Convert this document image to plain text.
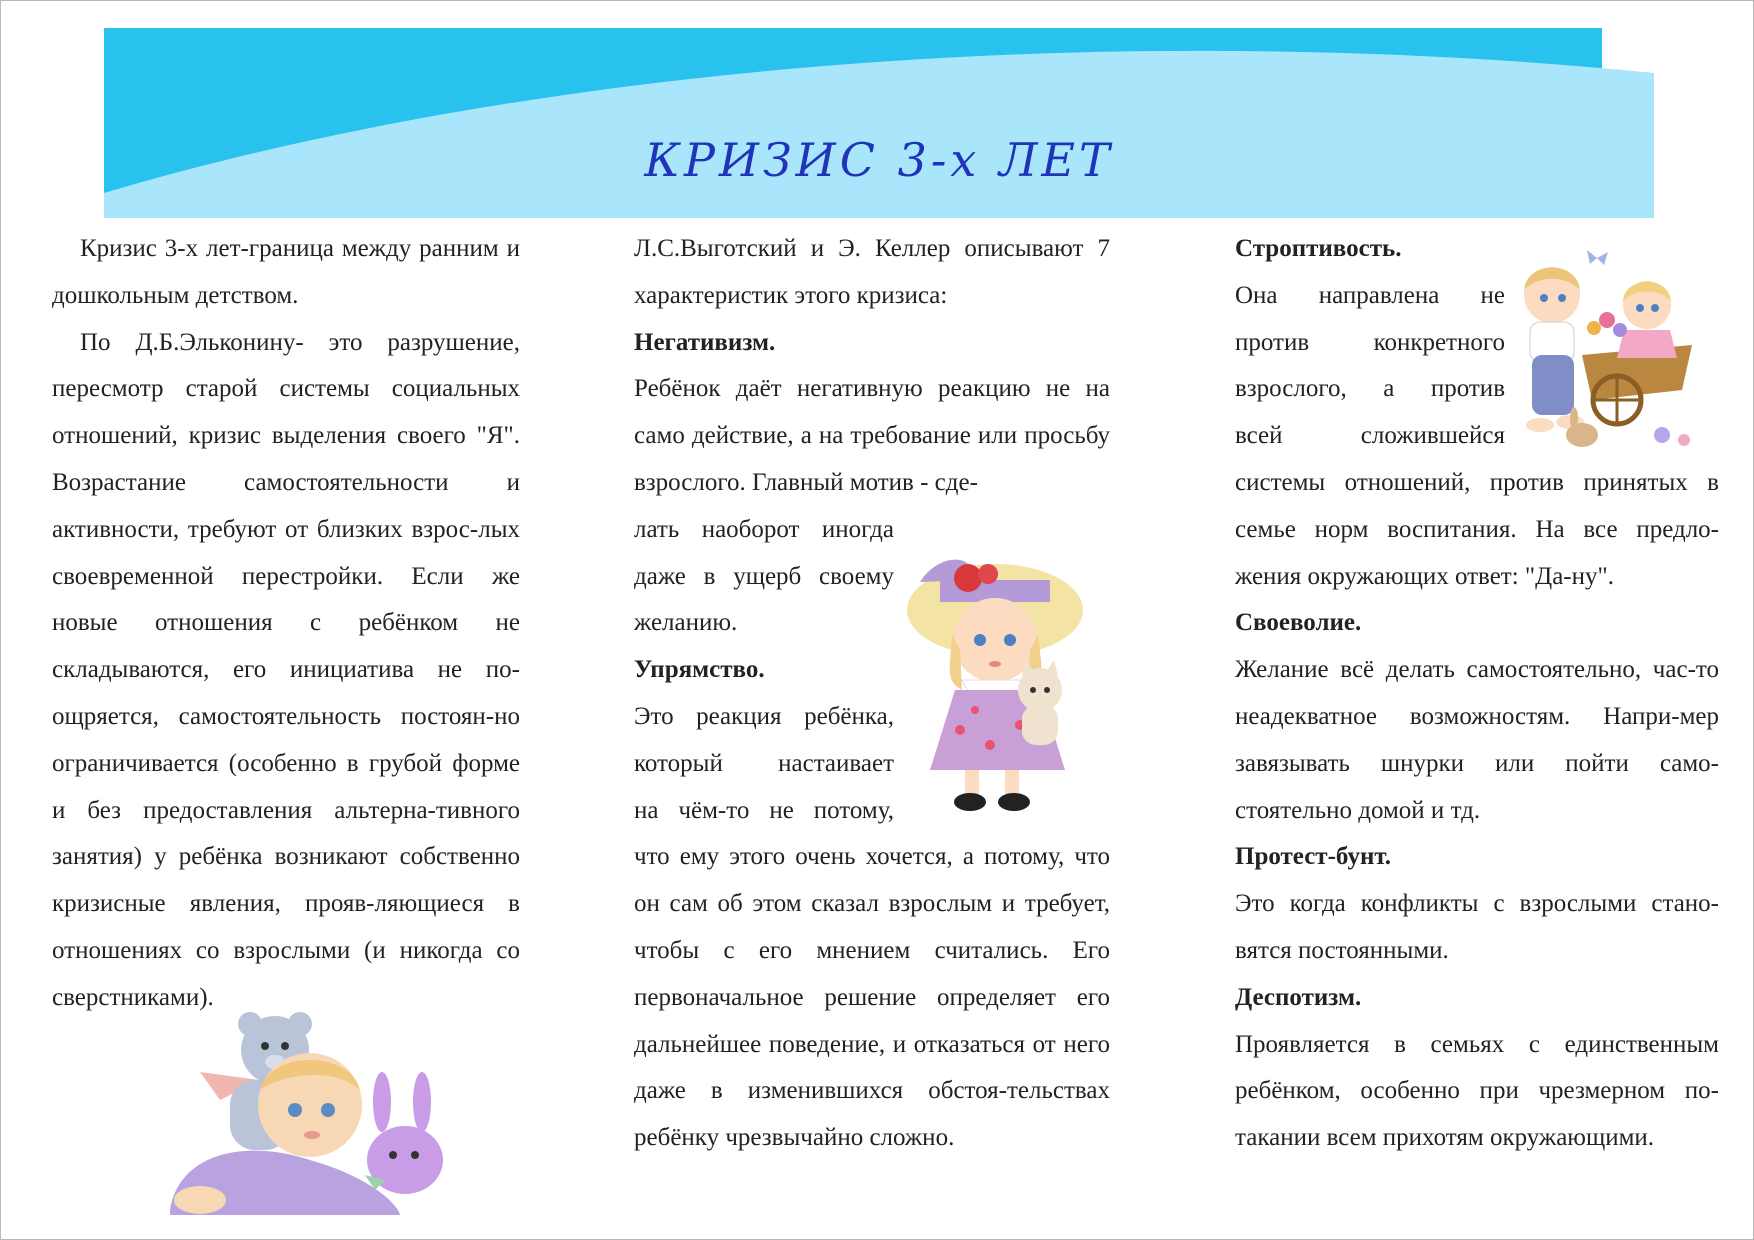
КРИЗИС 3-х ЛЕТ

Кризис 3-х лет-граница между ранним и дошкольным детством.

По Д.Б.Эльконину- это разрушение, пересмотр старой системы социальных отношений, кризис выделения своего "Я". Возрастание самостоятельности и активности, требуют от близких взрос-лых своевременной перестройки. Если же новые отношения с ребёнком не складываются, его инициатива не по-ощряется, самостоятельность постоян-но ограничивается (особенно в грубой форме и без предоставления альтерна-тивного занятия) у ребёнка возникают собственно кризисные явления, прояв-ляющиеся в отношениях со взрослыми (и никогда со сверстниками).

Л.С.Выготский и Э. Келлер описывают 7 характеристик этого кризиса:

Негативизм.

Ребёнок даёт негативную реакцию не на само действие, а на требование или просьбу взрослого. Главный мотив - сде-

лать наоборот иногда даже в ущерб своему желанию.

Упрямство.

Это реакция ребёнка,

который настаивает

на чём-то не потому,

что ему этого очень хочется, а потому, что он сам об этом сказал взрослым и требует, чтобы с его мнением считались. Его первоначальное решение определяет его дальнейшее поведение, и отказаться от него даже в изменившихся обстоя-тельствах ребёнку чрезвычайно сложно.

Строптивость.

Она направлена не

против конкретного

взрослого, а против

всей сложившейся

системы отношений, против принятых в семье норм воспитания. На все предло-жения окружающих ответ: "Да-ну".

Своеволие.

Желание всё делать самостоятельно, час-то неадекватное возможностям. Напри-мер завязывать шнурки или пойти само-стоятельно домой и тд.

Протест-бунт.

Это когда конфликты с взрослыми стано-вятся постоянными.

Деспотизм.

Проявляется в семьях с единственным ребёнком, особенно при чрезмерном по-такании всем прихотям окружающими.
